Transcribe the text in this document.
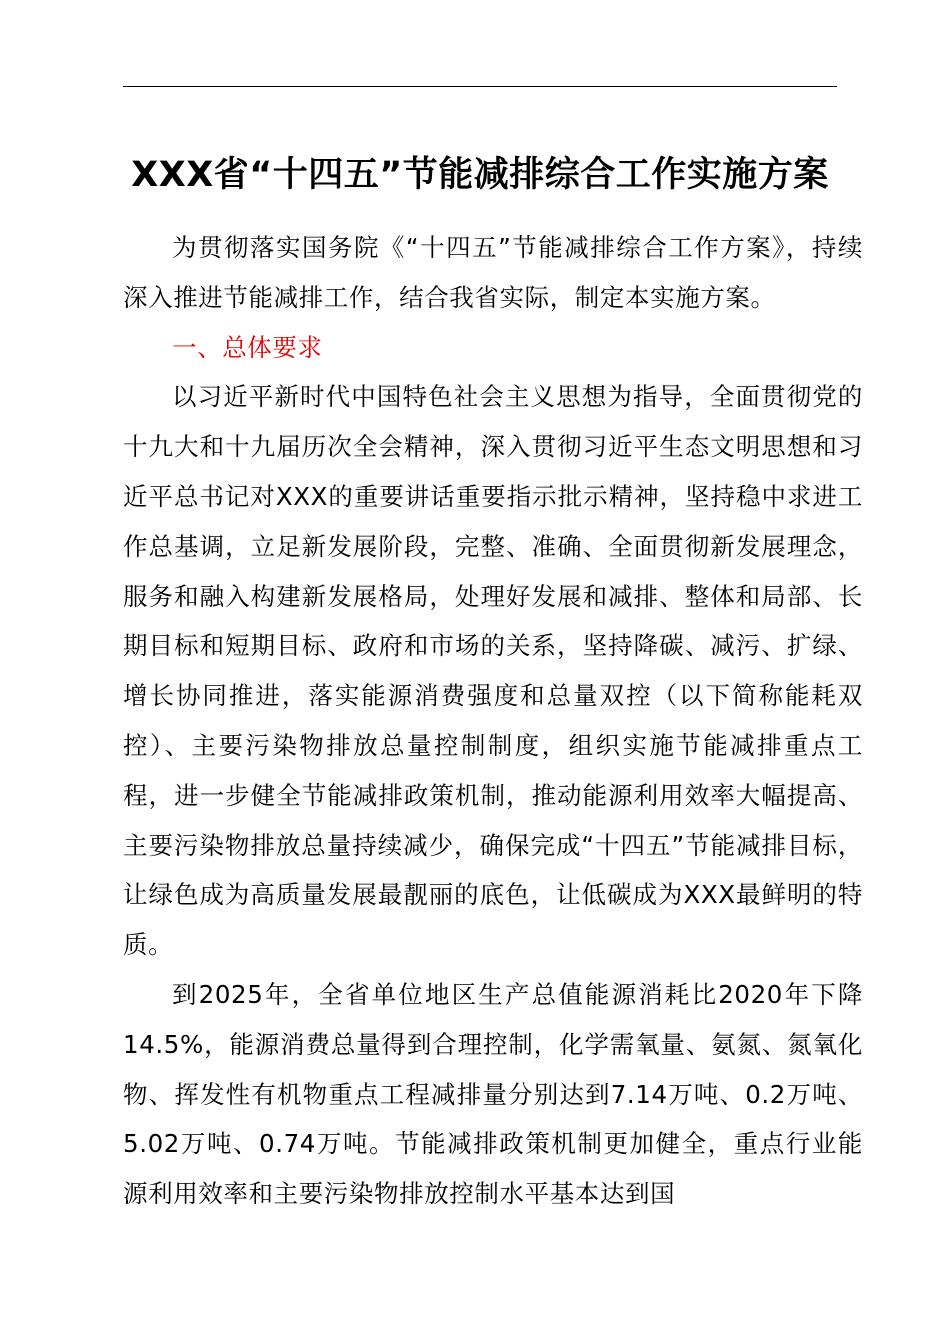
XXX省“十四五”节能减排综合工作实施方案

为贯彻落实国务院《“十四五”节能减排综合工作方案》，持续深入推进节能减排工作，结合我省实际，制定本实施方案。

一、总体要求

以习近平新时代中国特色社会主义思想为指导，全面贯彻党的十九大和十九届历次全会精神，深入贯彻习近平生态文明思想和习近平总书记对XXX的重要讲话重要指示批示精神，坚持稳中求进工作总基调，立足新发展阶段，完整、准确、全面贯彻新发展理念，服务和融入构建新发展格局，处理好发展和减排、整体和局部、长期目标和短期目标、政府和市场的关系，坚持降碳、减污、扩绿、增长协同推进，落实能源消费强度和总量双控（以下简称能耗双控）、主要污染物排放总量控制制度，组织实施节能减排重点工程，进一步健全节能减排政策机制，推动能源利用效率大幅提高、主要污染物排放总量持续减少，确保完成“十四五”节能减排目标，让绿色成为高质量发展最靓丽的底色，让低碳成为XXX最鲜明的特质。

到2025年，全省单位地区生产总值能源消耗比2020年下降14.5%，能源消费总量得到合理控制，化学需氧量、氨氮、氮氧化物、挥发性有机物重点工程减排量分别达到7.14万吨、0.2万吨、5.02万吨、0.74万吨。节能减排政策机制更加健全，重点行业能源利用效率和主要污染物排放控制水平基本达到国
